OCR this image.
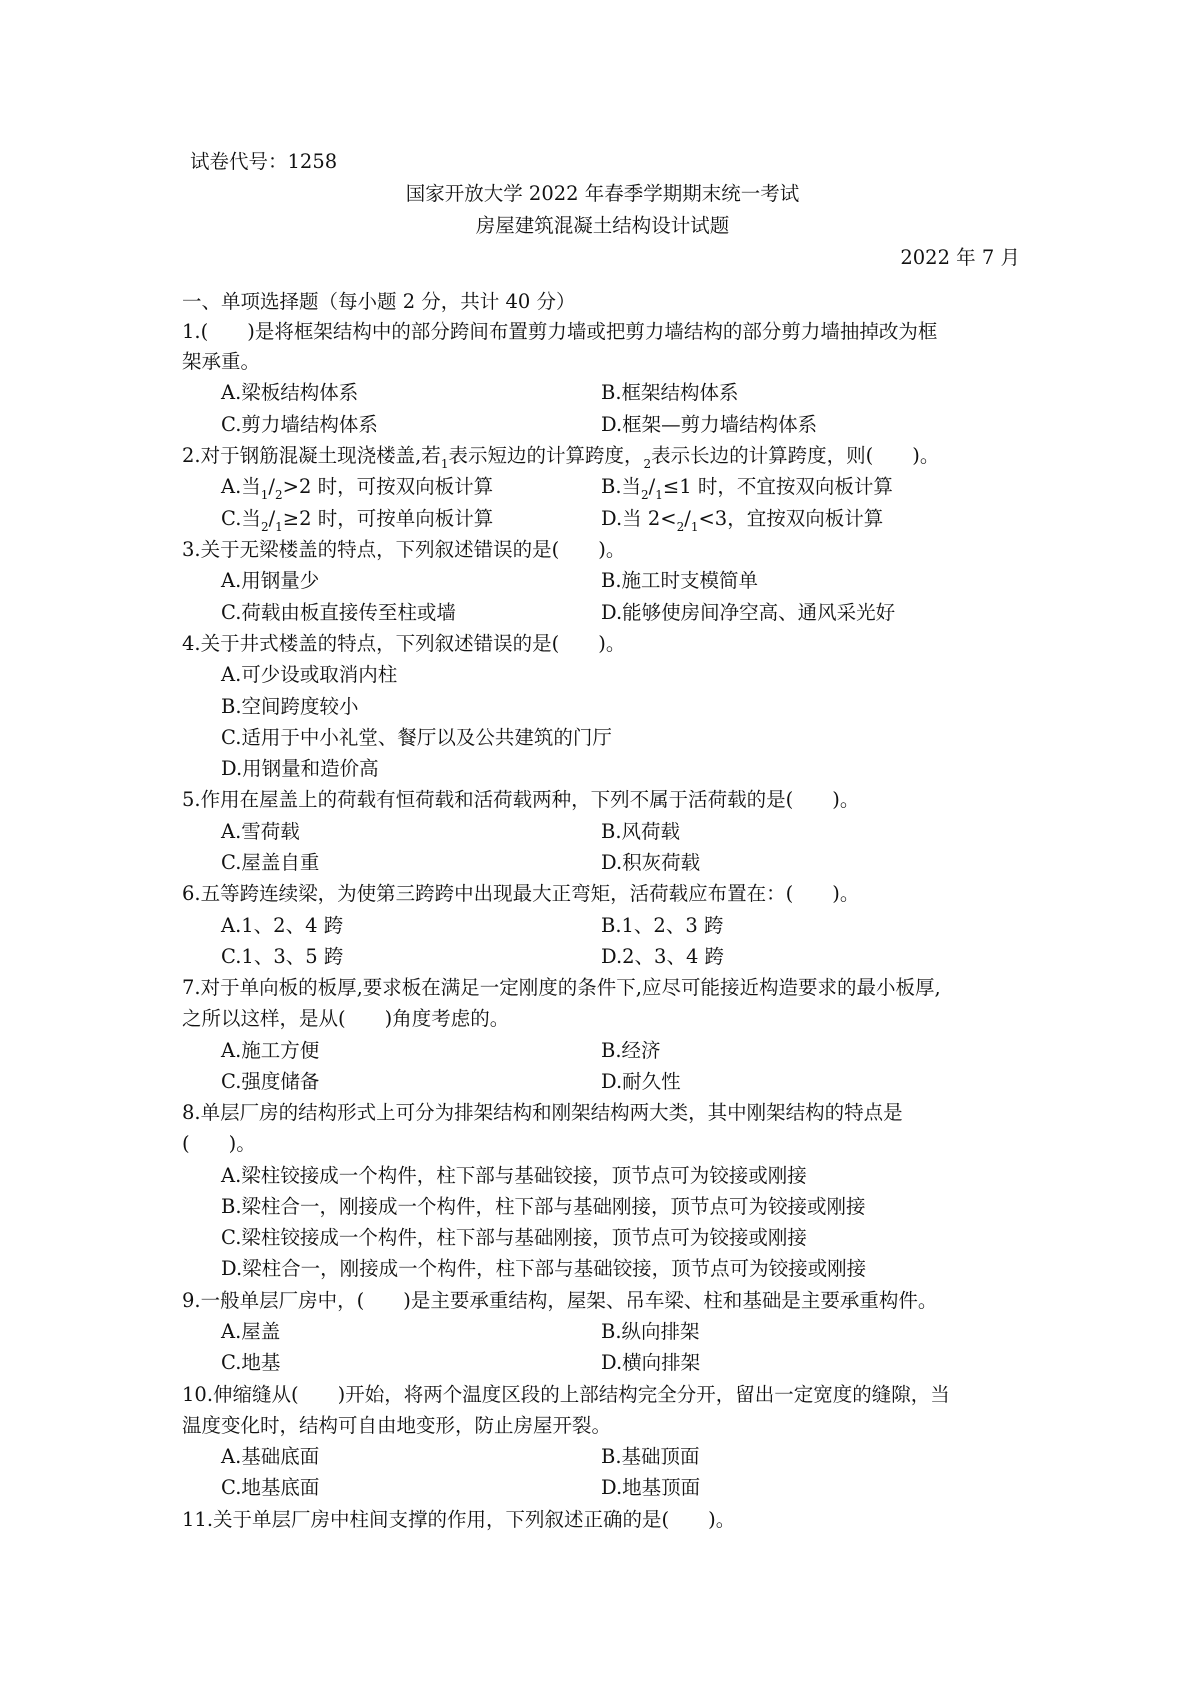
试卷代号：1258
国家开放大学 2022 年春季学期期末统一考试
房屋建筑混凝土结构设计试题
2022 年 7 月
一、单项选择题（每小题 2 分，共计 40 分）
1.(　　)是将框架结构中的部分跨间布置剪力墙或把剪力墙结构的部分剪力墙抽掉改为框
架承重。
A.梁板结构体系	B.框架结构体系
C.剪力墙结构体系	D.框架—剪力墙结构体系
2.对于钢筋混凝土现浇楼盖,若$_1$表示短边的计算跨度，$_2$表示长边的计算跨度，则(　　)。
A.当$_1/_2>2$ 时，可按双向板计算	B.当$_2/_1\le 1$ 时，不宜按双向板计算
C.当$_2/_1\ge 2$ 时，可按单向板计算	D.当 $2<_2/_1<3$，宜按双向板计算
3.关于无梁楼盖的特点，下列叙述错误的是(　　)。
A.用钢量少	B.施工时支模简单
C.荷载由板直接传至柱或墙	D.能够使房间净空高、通风采光好
4.关于井式楼盖的特点，下列叙述错误的是(　　)。
A.可少设或取消内柱
B.空间跨度较小
C.适用于中小礼堂、餐厅以及公共建筑的门厅
D.用钢量和造价高
5.作用在屋盖上的荷载有恒荷载和活荷载两种，下列不属于活荷载的是(　　)。
A.雪荷载	B.风荷载
C.屋盖自重	D.积灰荷载
6.五等跨连续梁，为使第三跨跨中出现最大正弯矩，活荷载应布置在：(　　)。
A.1、2、4 跨	B.1、2、3 跨
C.1、3、5 跨	D.2、3、4 跨
7.对于单向板的板厚,要求板在满足一定刚度的条件下,应尽可能接近构造要求的最小板厚,
之所以这样，是从(　　)角度考虑的。
A.施工方便	B.经济
C.强度储备	D.耐久性
8.单层厂房的结构形式上可分为排架结构和刚架结构两大类，其中刚架结构的特点是
(　　)。
A.梁柱铰接成一个构件，柱下部与基础铰接，顶节点可为铰接或刚接
B.梁柱合一，刚接成一个构件，柱下部与基础刚接，顶节点可为铰接或刚接
C.梁柱铰接成一个构件，柱下部与基础刚接，顶节点可为铰接或刚接
D.梁柱合一，刚接成一个构件，柱下部与基础铰接，顶节点可为铰接或刚接
9.一般单层厂房中，(　　)是主要承重结构，屋架、吊车梁、柱和基础是主要承重构件。
A.屋盖	B.纵向排架
C.地基	D.横向排架
10.伸缩缝从(　　)开始，将两个温度区段的上部结构完全分开，留出一定宽度的缝隙，当
温度变化时，结构可自由地变形，防止房屋开裂。
A.基础底面	B.基础顶面
C.地基底面	D.地基顶面
11.关于单层厂房中柱间支撑的作用，下列叙述正确的是(　　)。
